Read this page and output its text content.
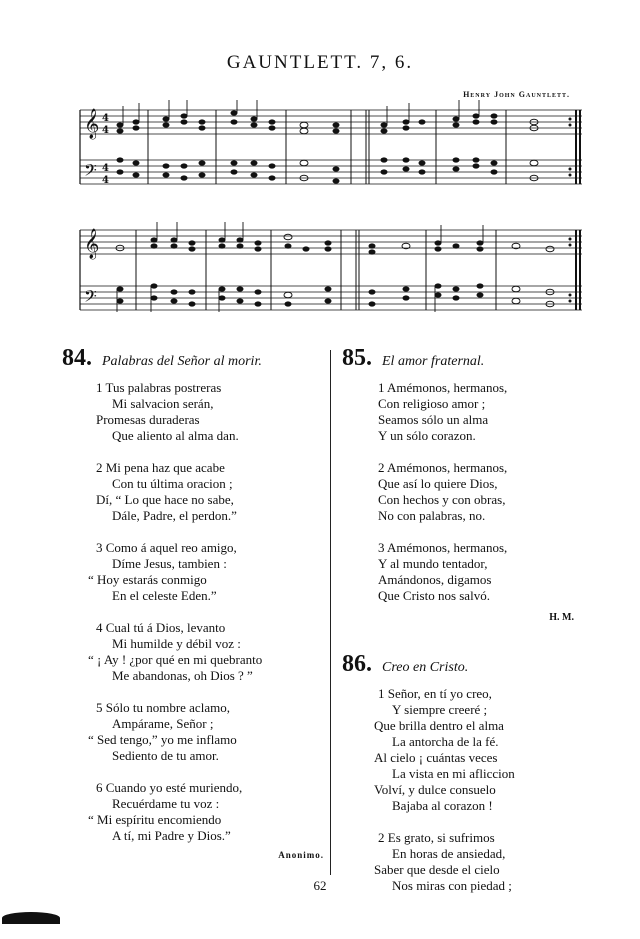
GAUNTLETT. 7, 6.
Henry John Gauntlett.
𝄞
𝄢
𝄞
𝄢
4
4
4
4
84. Palabras del Señor al morir.
1 Tus palabras postreras
Mi salvacion serán,
Promesas duraderas
Que aliento al alma dan.
2 Mi pena haz que acabe
Con tu última oracion ;
Dí, “ Lo que hace no sabe,
Dále, Padre, el perdon.”
3 Como á aquel reo amigo,
Díme Jesus, tambien :
“ Hoy estarás conmigo
En el celeste Eden.”
4 Cual tú á Dios, levanto
Mi humilde y débil voz :
“ ¡ Ay ! ¿por qué en mi quebranto
Me abandonas, oh Dios ? ”
5 Sólo tu nombre aclamo,
Ampárame, Señor ;
“ Sed tengo,” yo me inflamo
Sediento de tu amor.
6 Cuando yo esté muriendo,
Recuérdame tu voz :
“ Mi espíritu encomiendo
A tí, mi Padre y Dios.”
Anonimo.
85. El amor fraternal.
1 Amémonos, hermanos,
Con religioso amor ;
Seamos sólo un alma
Y un sólo corazon.
2 Amémonos, hermanos,
Que así lo quiere Dios,
Con hechos y con obras,
No con palabras, no.
3 Amémonos, hermanos,
Y al mundo tentador,
Amándonos, digamos
Que Cristo nos salvó.
H. M.
86. Creo en Cristo.
1 Señor, en tí yo creo,
Y siempre creeré ;
Que brilla dentro el alma
La antorcha de la fé.
Al cielo ¡ cuántas veces
La vista en mi afliccion
Volví, y dulce consuelo
Bajaba al corazon !
2 Es grato, si sufrimos
En horas de ansiedad,
Saber que desde el cielo
Nos miras con piedad ;
62
